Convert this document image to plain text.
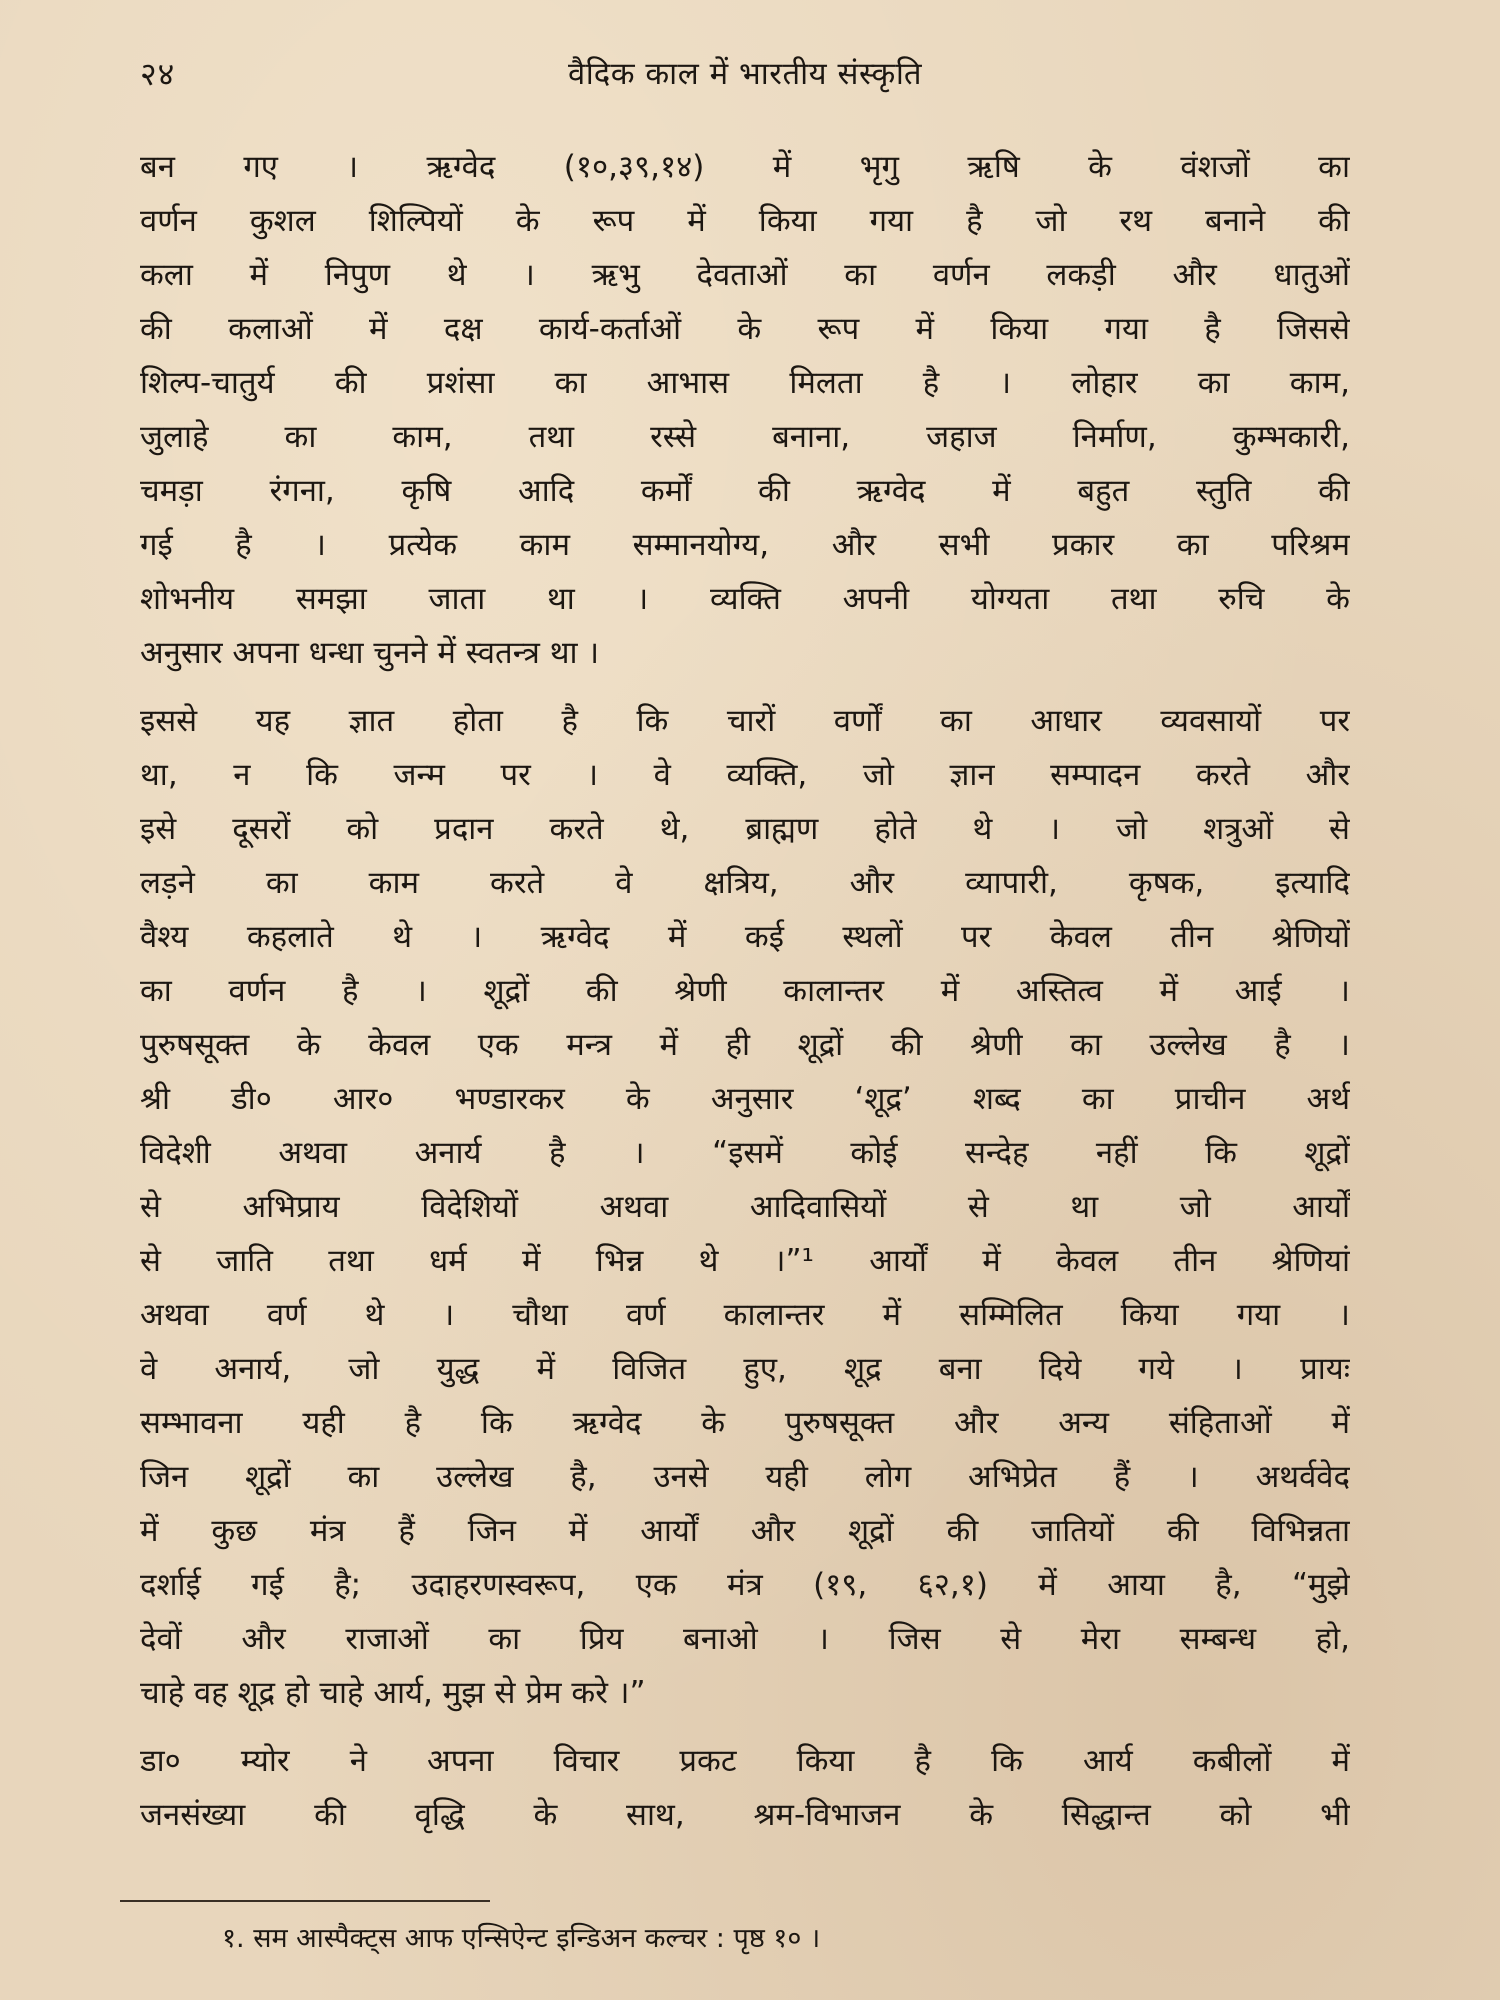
२४	वैदिक काल में भारतीय संस्कृति
बन गए । ऋग्वेद (१०,३९,१४) में भृगु ऋषि के वंशजों का
वर्णन कुशल शिल्पियों के रूप में किया गया है जो रथ बनाने की
कला में निपुण थे । ऋभु देवताओं का वर्णन लकड़ी और धातुओं
की कलाओं में दक्ष कार्य-कर्ताओं के रूप में किया गया है जिससे
शिल्प-चातुर्य की प्रशंसा का आभास मिलता है । लोहार का काम,
जुलाहे का काम, तथा रस्से बनाना, जहाज निर्माण, कुम्भकारी,
चमड़ा रंगना, कृषि आदि कर्मों की ऋग्वेद में बहुत स्तुति की
गई है । प्रत्येक काम सम्मानयोग्य, और सभी प्रकार का परिश्रम
शोभनीय समझा जाता था । व्यक्ति अपनी योग्यता तथा रुचि के
अनुसार अपना धन्धा चुनने में स्वतन्त्र था ।
इससे यह ज्ञात होता है कि चारों वर्णों का आधार व्यवसायों पर
था, न कि जन्म पर । वे व्यक्ति, जो ज्ञान सम्पादन करते और
इसे दूसरों को प्रदान करते थे, ब्राह्मण होते थे । जो शत्रुओं से
लड़ने का काम करते वे क्षत्रिय, और व्यापारी, कृषक, इत्यादि
वैश्य कहलाते थे । ऋग्वेद में कई स्थलों पर केवल तीन श्रेणियों
का वर्णन है । शूद्रों की श्रेणी कालान्तर में अस्तित्व में आई ।
पुरुषसूक्त के केवल एक मन्त्र में ही शूद्रों की श्रेणी का उल्लेख है ।
श्री डी० आर० भण्डारकर के अनुसार ‘शूद्र’ शब्द का प्राचीन अर्थ
विदेशी अथवा अनार्य है । “इसमें कोई सन्देह नहीं कि शूद्रों
से अभिप्राय विदेशियों अथवा आदिवासियों से था जो आर्यों
से जाति तथा धर्म में भिन्न थे ।”¹ आर्यों में केवल तीन श्रेणियां
अथवा वर्ण थे । चौथा वर्ण कालान्तर में सम्मिलित किया गया ।
वे अनार्य, जो युद्ध में विजित हुए, शूद्र बना दिये गये । प्रायः
सम्भावना यही है कि ऋग्वेद के पुरुषसूक्त और अन्य संहिताओं में
जिन शूद्रों का उल्लेख है, उनसे यही लोग अभिप्रेत हैं । अथर्ववेद
में कुछ मंत्र हैं जिन में आर्यों और शूद्रों की जातियों की विभिन्नता
दर्शाई गई है; उदाहरणस्वरूप, एक मंत्र (१९, ६२,१) में आया है, “मुझे
देवों और राजाओं का प्रिय बनाओ । जिस से मेरा सम्बन्ध हो,
चाहे वह शूद्र हो चाहे आर्य, मुझ से प्रेम करे ।”
डा० म्योर ने अपना विचार प्रकट किया है कि आर्य कबीलों में
जनसंख्या की वृद्धि के साथ, श्रम-विभाजन के सिद्धान्त को भी
१. सम आस्पैक्ट्स आफ एन्सिऐन्ट इन्डिअन कल्चर : पृष्ठ १० ।
